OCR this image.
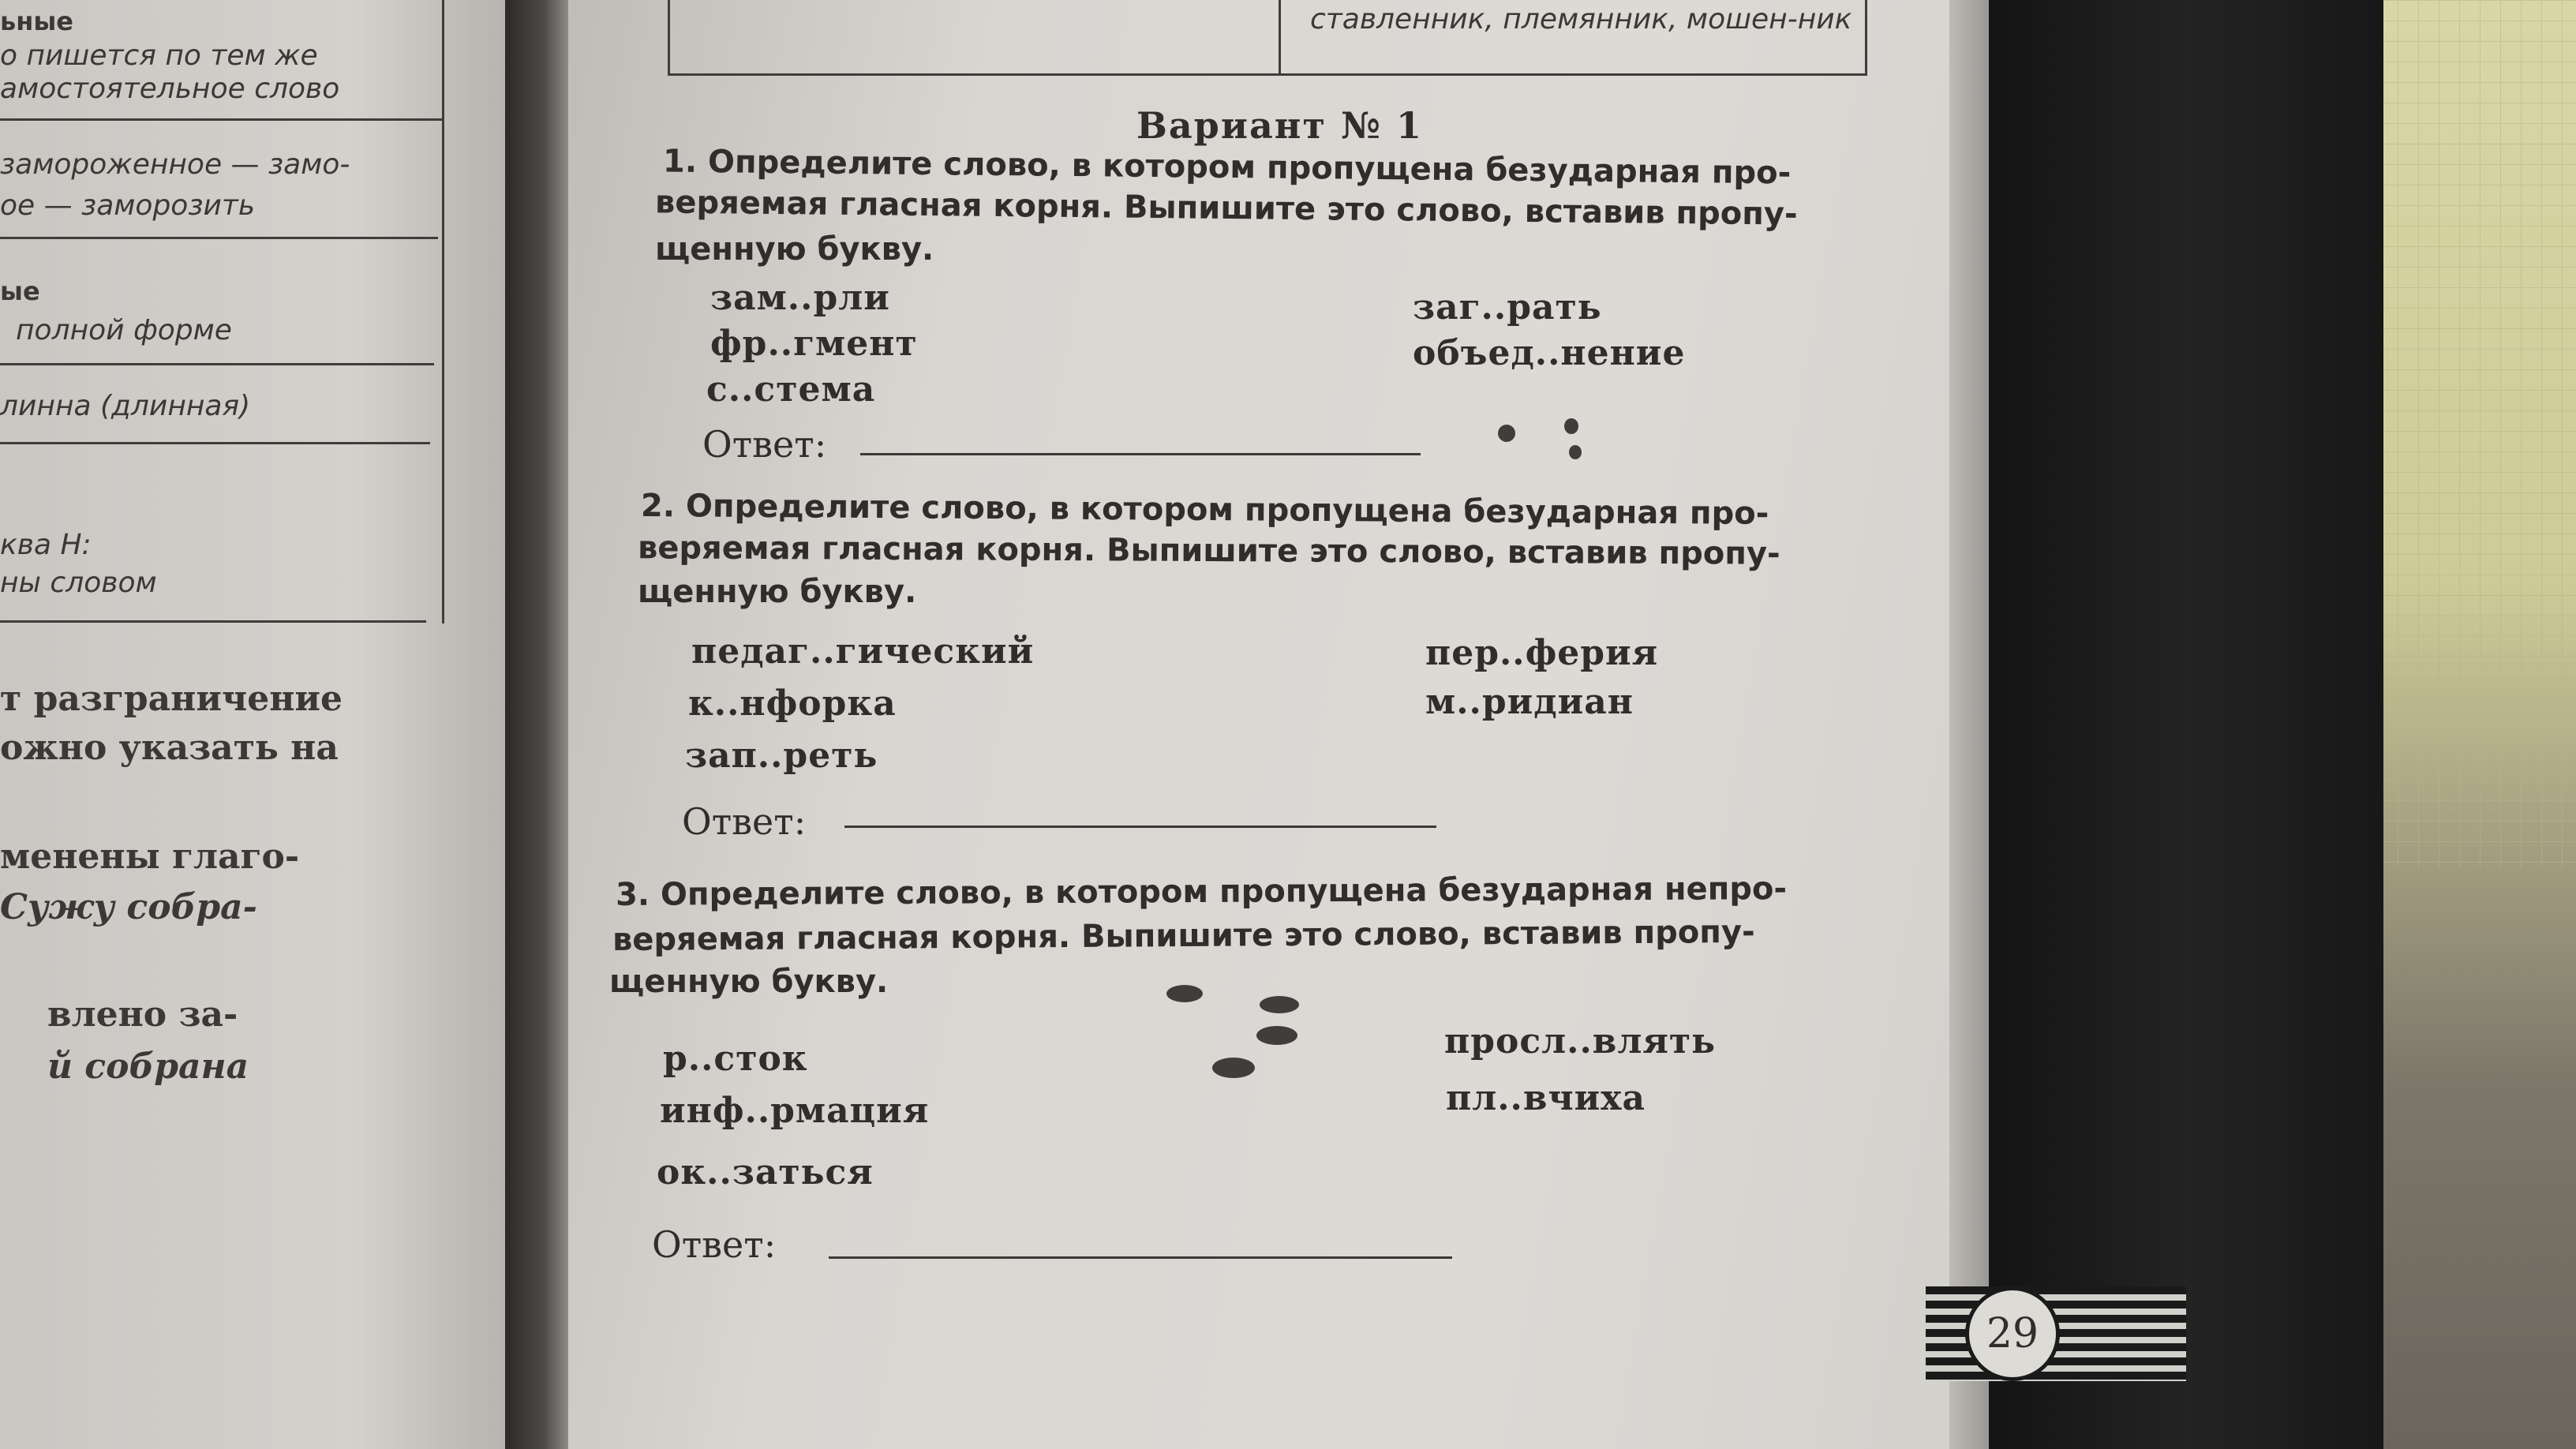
ьные
о пишется по тем же
амостоятельное слово
замороженное — замо-
ое — заморозить
ые
полной форме
линна (длинная)
ква Н:
ны словом
т разграничение
ожно указать на
менены глаго-
Сужу собра-
влено за-
й собрана
ставленник, племянник, мошен-ник
Вариант № 1
1. Определите слово, в котором пропущена безударная про-
веряемая гласная корня. Выпишите это слово, вставив пропу-
щенную букву.
зам..рли
фр..гмент
с..стема
заг..рать
объед..нение
Ответ:
2. Определите слово, в котором пропущена безударная про-
веряемая гласная корня. Выпишите это слово, вставив пропу-
щенную букву.
педаг..гический
к..нфорка
зап..реть
пер..ферия
м..ридиан
Ответ:
3. Определите слово, в котором пропущена безударная непро-
веряемая гласная корня. Выпишите это слово, вставив пропу-
щенную букву.
р..сток
инф..рмация
ок..заться
просл..влять
пл..вчиха
Ответ:
29
